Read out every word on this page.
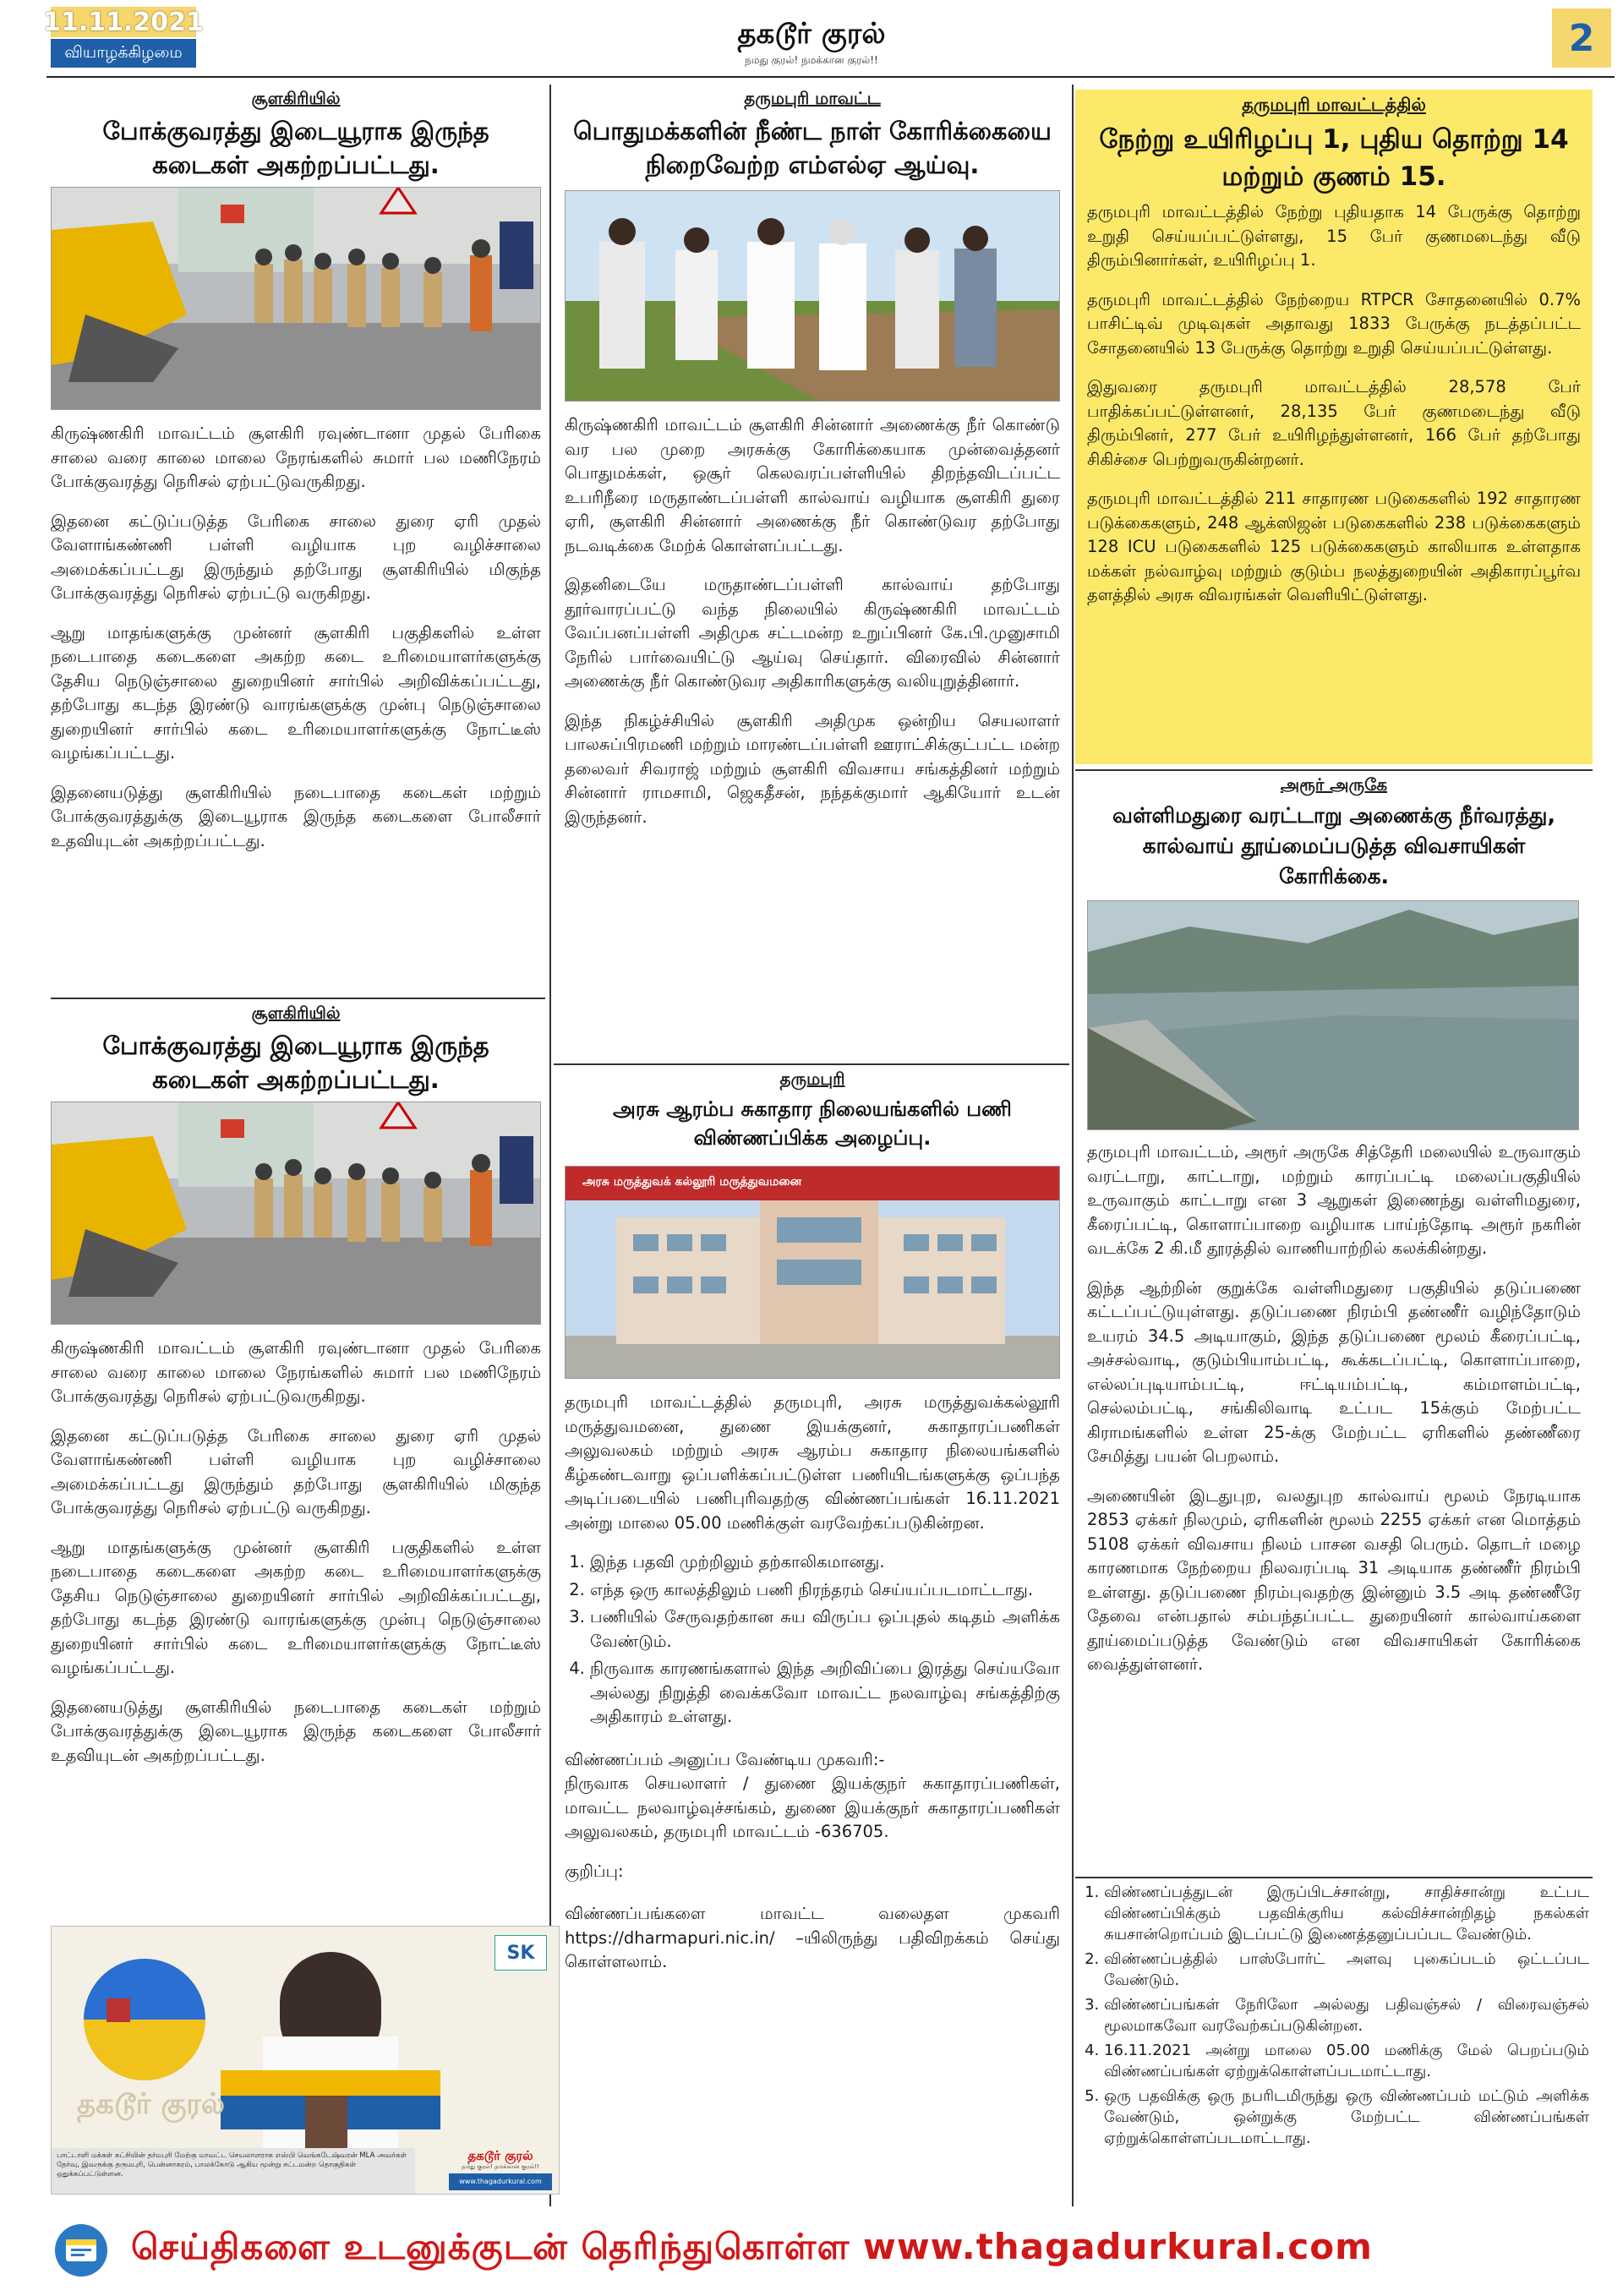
11.11.2021
வியாழக்கிழமை
தகடூர் குரல்
நமது குரல்! நமக்கான குரல்!!
2

சூளகிரியில்

போக்குவரத்து இடையூராக இருந்த கடைகள் அகற்றப்பட்டது.

கிருஷ்ணகிரி மாவட்டம் சூளகிரி ரவுண்டானா முதல் பேரிகை சாலை வரை காலை மாலை நேரங்களில் சுமார் பல மணிநேரம் போக்குவரத்து நெரிசல் ஏற்பட்டுவருகிறது.

இதனை கட்டுப்படுத்த பேரிகை சாலை துரை ஏரி முதல் வேளாங்கண்ணி பள்ளி வழியாக புற வழிச்சாலை அமைக்கப்பட்டது இருந்தும் தற்போது சூளகிரியில் மிகுந்த போக்குவரத்து நெரிசல் ஏற்பட்டு வருகிறது.

ஆறு மாதங்களுக்கு முன்னர் சூளகிரி பகுதிகளில் உள்ள நடைபாதை கடைகளை அகற்ற கடை உரிமையாளர்களுக்கு தேசிய நெடுஞ்சாலை துறையினர் சார்பில் அறிவிக்கப்பட்டது, தற்போது கடந்த இரண்டு வாரங்களுக்கு முன்பு நெடுஞ்சாலை துறையினர் சார்பில் கடை உரிமையாளர்களுக்கு நோட்டீஸ் வழங்கப்பட்டது.

இதனையடுத்து சூளகிரியில் நடைபாதை கடைகள் மற்றும் போக்குவரத்துக்கு இடையூராக இருந்த கடைகளை போலீசார் உதவியுடன் அகற்றப்பட்டது.

சூளகிரியில்

போக்குவரத்து இடையூராக இருந்த கடைகள் அகற்றப்பட்டது.

கிருஷ்ணகிரி மாவட்டம் சூளகிரி ரவுண்டானா முதல் பேரிகை சாலை வரை காலை மாலை நேரங்களில் சுமார் பல மணிநேரம் போக்குவரத்து நெரிசல் ஏற்பட்டுவருகிறது.

இதனை கட்டுப்படுத்த பேரிகை சாலை துரை ஏரி முதல் வேளாங்கண்ணி பள்ளி வழியாக புற வழிச்சாலை அமைக்கப்பட்டது இருந்தும் தற்போது சூளகிரியில் மிகுந்த போக்குவரத்து நெரிசல் ஏற்பட்டு வருகிறது.

ஆறு மாதங்களுக்கு முன்னர் சூளகிரி பகுதிகளில் உள்ள நடைபாதை கடைகளை அகற்ற கடை உரிமையாளர்களுக்கு தேசிய நெடுஞ்சாலை துறையினர் சார்பில் அறிவிக்கப்பட்டது, தற்போது கடந்த இரண்டு வாரங்களுக்கு முன்பு நெடுஞ்சாலை துறையினர் சார்பில் கடை உரிமையாளர்களுக்கு நோட்டீஸ் வழங்கப்பட்டது.

இதனையடுத்து சூளகிரியில் நடைபாதை கடைகள் மற்றும் போக்குவரத்துக்கு இடையூராக இருந்த கடைகளை போலீசார் உதவியுடன் அகற்றப்பட்டது.

SK
தகடூர் குரல்
தகடூர் குரல்
நமது குரல்! நமக்கான குரல்!!
www.thagadurkural.com
பாட்டாளி மக்கள் கட்சியின் தர்மபுரி மேற்கு மாவட்ட செயலாளராக எஸ்பி வெங்கடேஷ்வரன் MLA அவர்கள் தேர்வு, இவருக்கு தருமபுரி, பென்னாகரம், பாலக்கோடு ஆகிய மூன்று சட்டமன்ற தொகுதிகள் ஒதுக்கப்பட்டுள்ளன.

தருமபுரி மாவட்ட

பொதுமக்களின் நீண்ட நாள் கோரிக்கையை நிறைவேற்ற எம்எல்ஏ ஆய்வு.

கிருஷ்ணகிரி மாவட்டம் சூளகிரி சின்னார் அணைக்கு நீர் கொண்டு வர பல முறை அரசுக்கு கோரிக்கையாக முன்வைத்தனர் பொதுமக்கள், ஒசூர் கெலவரப்பள்ளியில் திறந்தவிடப்பட்ட உபரிநீரை மருதாண்டப்பள்ளி கால்வாய் வழியாக சூளகிரி துரை ஏரி, சூளகிரி சின்னார் அணைக்கு நீர் கொண்டுவர தற்போது நடவடிக்கை மேற்க் கொள்ளப்பட்டது.

இதனிடையே மருதாண்டப்பள்ளி கால்வாய் தற்போது தூர்வாரப்பட்டு வந்த நிலையில் கிருஷ்ணகிரி மாவட்டம் வேப்பனப்பள்ளி அதிமுக சட்டமன்ற உறுப்பினர் கே.பி.முனுசாமி நேரில் பார்வையிட்டு ஆய்வு செய்தார். விரைவில் சின்னார் அணைக்கு நீர் கொண்டுவர அதிகாரிகளுக்கு வலியுறுத்தினார்.

இந்த நிகழ்ச்சியில் சூளகிரி அதிமுக ஒன்றிய செயலாளர் பாலசுப்பிரமணி மற்றும் மாரண்டப்பள்ளி ஊராட்சிக்குட்பட்ட மன்ற தலைவர் சிவராஜ் மற்றும் சூளகிரி விவசாய சங்கத்தினர் மற்றும் சின்னார் ராமசாமி, ஜெகதீசன், நந்தக்குமார் ஆகியோர் உடன் இருந்தனர்.

தருமபுரி

அரசு ஆரம்ப சுகாதார நிலையங்களில் பணி விண்ணப்பிக்க அழைப்பு.
அரசு மருத்துவக் கல்லூரி மருத்துவமனை

தருமபுரி மாவட்டத்தில் தருமபுரி, அரசு மருத்துவக்கல்லூரி மருத்துவமனை, துணை இயக்குனர், சுகாதாரப்பணிகள் அலுவலகம் மற்றும் அரசு ஆரம்ப சுகாதார நிலையங்களில் கீழ்கண்டவாறு ஒப்பளிக்கப்பட்டுள்ள பணியிடங்களுக்கு ஒப்பந்த அடிப்படையில் பணிபுரிவதற்கு விண்ணப்பங்கள் 16.11.2021 அன்று மாலை 05.00 மணிக்குள் வரவேற்கப்படுகின்றன.

1. இந்த பதவி முற்றிலும் தற்காலிகமானது.
2. எந்த ஒரு காலத்திலும் பணி நிரந்தரம் செய்யப்படமாட்டாது.
3. பணியில் சேருவதற்கான சுய விருப்ப ஒப்புதல் கடிதம் அளிக்க வேண்டும்.
4. நிருவாக காரணங்களால் இந்த அறிவிப்பை இரத்து செய்யவோ அல்லது நிறுத்தி வைக்கவோ மாவட்ட நலவாழ்வு சங்கத்திற்கு அதிகாரம் உள்ளது.

விண்ணப்பம் அனுப்ப வேண்டிய முகவரி:-

நிருவாக செயலாளர் / துணை இயக்குநர் சுகாதாரப்பணிகள், மாவட்ட நலவாழ்வுச்சங்கம், துணை இயக்குநர் சுகாதாரப்பணிகள் அலுவலகம், தருமபுரி மாவட்டம் -636705.

குறிப்பு:

விண்ணப்பங்களை மாவட்ட வலைதள முகவரி https://dharmapuri.nic.in/ –யிலிருந்து பதிவிறக்கம் செய்து கொள்ளலாம்.

தருமபுரி மாவட்டத்தில்

நேற்று உயிரிழப்பு 1, புதிய தொற்று 14 மற்றும் குணம் 15.

தருமபுரி மாவட்டத்தில் நேற்று புதியதாக 14 பேருக்கு தொற்று உறுதி செய்யப்பட்டுள்ளது, 15 பேர் குணமடைந்து வீடு திரும்பினார்கள், உயிரிழப்பு 1.

தருமபுரி மாவட்டத்தில் நேற்றைய RTPCR சோதனையில் 0.7% பாசிட்டிவ் முடிவுகள் அதாவது 1833 பேருக்கு நடத்தப்பட்ட சோதனையில் 13 பேருக்கு தொற்று உறுதி செய்யப்பட்டுள்ளது.

இதுவரை தருமபுரி மாவட்டத்தில் 28,578 பேர் பாதிக்கப்பட்டுள்ளனர், 28,135 பேர் குணமடைந்து வீடு திரும்பினர், 277 பேர் உயிரிழந்துள்ளனர், 166 பேர் தற்போது சிகிச்சை பெற்றுவருகின்றனர்.

தருமபுரி மாவட்டத்தில் 211 சாதாரண படுகைகளில் 192 சாதாரண படுக்கைகளும், 248 ஆக்ஸிஜன் படுகைகளில் 238 படுக்கைகளும் 128 ICU படுகைகளில் 125 படுக்கைகளும் காலியாக உள்ளதாக மக்கள் நல்வாழ்வு மற்றும் குடும்ப நலத்துறையின் அதிகாரப்பூர்வ தளத்தில் அரசு விவரங்கள் வெளியிட்டுள்ளது.

அரூர் அருகே

வள்ளிமதுரை வரட்டாறு அணைக்கு நீர்வரத்து, கால்வாய் தூய்மைப்படுத்த விவசாயிகள் கோரிக்கை.

தருமபுரி மாவட்டம், அரூர் அருகே சித்தேரி மலையில் உருவாகும் வரட்டாறு, காட்டாறு, மற்றும் காரப்பட்டி மலைப்பகுதியில் உருவாகும் காட்டாறு என 3 ஆறுகள் இணைந்து வள்ளிமதுரை, கீரைப்பட்டி, கொளாப்பாறை வழியாக பாய்ந்தோடி அரூர் நகரின் வடக்கே 2 கி.மீ தூரத்தில் வாணியாற்றில் கலக்கின்றது.

இந்த ஆற்றின் குறுக்கே வள்ளிமதுரை பகுதியில் தடுப்பணை கட்டப்பட்டுயுள்ளது. தடுப்பணை நிரம்பி தண்ணீர் வழிந்தோடும் உயரம் 34.5 அடியாகும், இந்த தடுப்பணை மூலம் கீரைப்பட்டி, அச்சல்வாடி, குடும்பியாம்பட்டி, கூக்கடப்பட்டி, கொளாப்பாறை, எல்லப்புடியாம்பட்டி, ஈட்டியம்பட்டி, கம்மாளம்பட்டி, செல்லம்பட்டி, சங்கிலிவாடி உட்பட 15க்கும் மேற்பட்ட கிராமங்களில் உள்ள 25-க்கு மேற்பட்ட ஏரிகளில் தண்ணீரை சேமித்து பயன் பெறலாம்.

அணையின் இடதுபுற, வலதுபுற கால்வாய் மூலம் நேரடியாக 2853 ஏக்கர் நிலமும், ஏரிகளின் மூலம் 2255 ஏக்கர் என மொத்தம் 5108 ஏக்கர் விவசாய நிலம் பாசன வசதி பெரும். தொடர் மழை காரணமாக நேற்றைய நிலவரப்படி 31 அடியாக தண்ணீர் நிரம்பி உள்ளது. தடுப்பணை நிரம்புவதற்கு இன்னும் 3.5 அடி தண்ணீரே தேவை என்பதால் சம்பந்தப்பட்ட துறையினர் கால்வாய்களை தூய்மைப்படுத்த வேண்டும் என விவசாயிகள் கோரிக்கை வைத்துள்ளனர்.

1. விண்ணப்பத்துடன் இருப்பிடச்சான்று, சாதிச்சான்று உட்பட விண்ணப்பிக்கும் பதவிக்குரிய கல்விச்சான்றிதழ் நகல்கள் சுயசான்றொப்பம் இடப்பட்டு இணைத்தனுப்பப்பட வேண்டும்.
2. விண்ணப்பத்தில் பாஸ்போர்ட் அளவு புகைப்படம் ஒட்டப்பட வேண்டும்.
3. விண்ணப்பங்கள் நேரிலோ அல்லது பதிவஞ்சல் / விரைவஞ்சல் மூலமாகவோ வரவேற்கப்படுகின்றன.
4. 16.11.2021 அன்று மாலை 05.00 மணிக்கு மேல் பெறப்படும் விண்ணப்பங்கள் ஏற்றுக்கொள்ளப்படமாட்டாது.
5. ஒரு பதவிக்கு ஒரு நபரிடமிருந்து ஒரு விண்ணப்பம் மட்டும் அளிக்க வேண்டும், ஒன்றுக்கு மேற்பட்ட விண்ணப்பங்கள் ஏற்றுக்கொள்ளப்படமாட்டாது.
செய்திகளை உடனுக்குடன் தெரிந்துகொள்ள www.thagadurkural.com
